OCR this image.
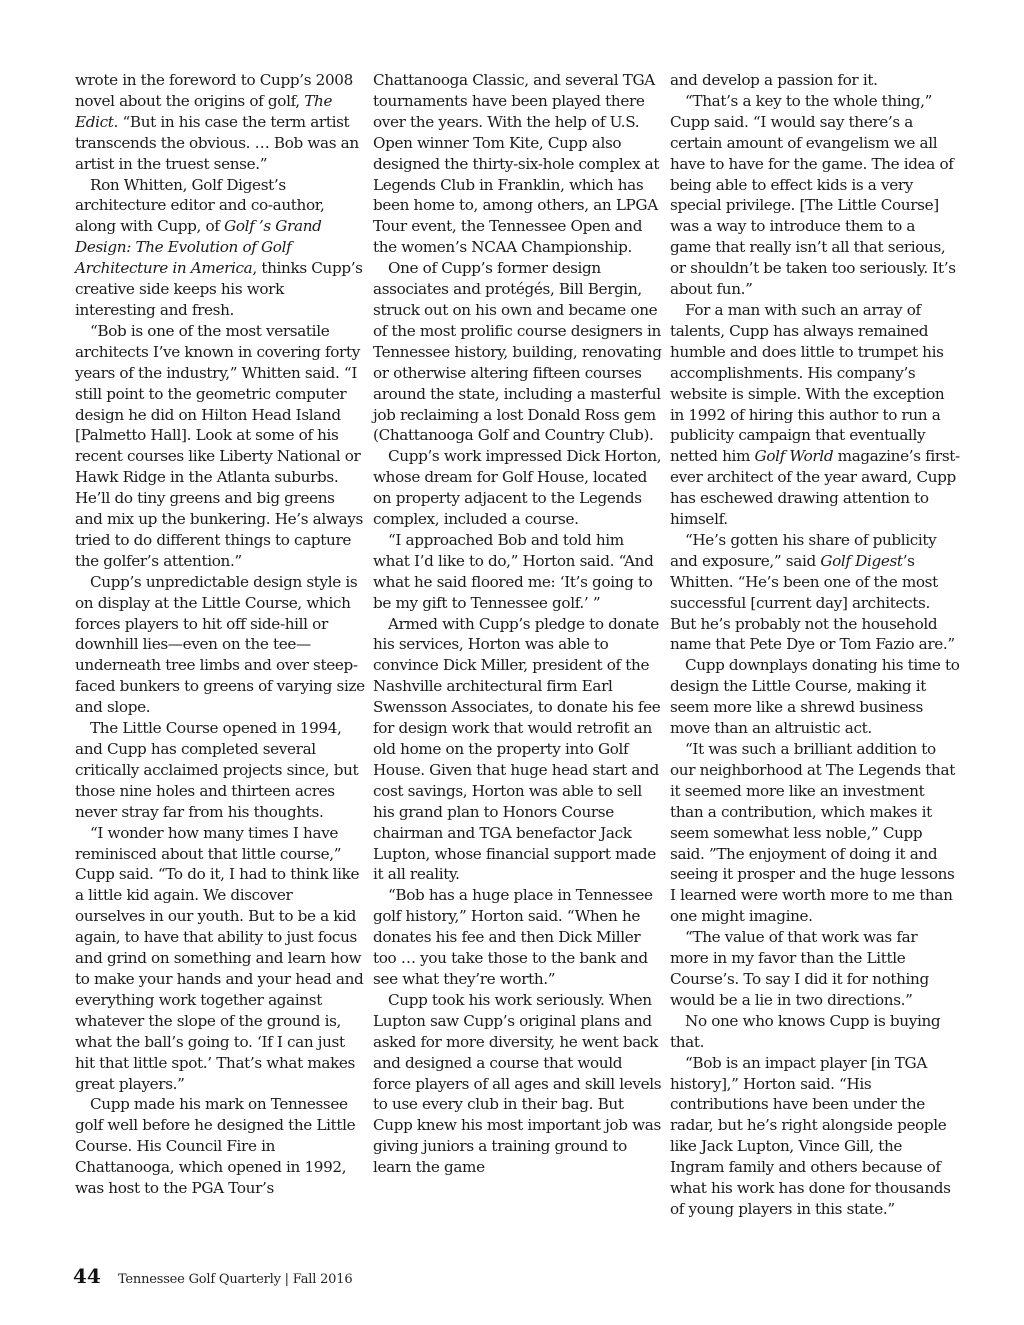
wrote in the foreword to Cupp’s 2008 novel about the origins of golf, The Edict. “But in his case the term artist transcends the obvious. … Bob was an artist in the truest sense.”

Ron Whitten, Golf Digest’s architecture editor and co-author, along with Cupp, of Golf ’s Grand Design: The Evolution of Golf Architecture in America, thinks Cupp’s creative side keeps his work interesting and fresh.

“Bob is one of the most versatile architects I’ve known in covering forty years of the industry,” Whitten said. “I still point to the geometric computer design he did on Hilton Head Island [Palmetto Hall]. Look at some of his recent courses like Liberty National or Hawk Ridge in the Atlanta suburbs. He’ll do tiny greens and big greens and mix up the bunkering. He’s always tried to do different things to capture the golfer’s attention.”

Cupp’s unpredictable design style is on display at the Little Course, which forces players to hit off side-hill or downhill lies—even on the tee—underneath tree limbs and over steep-faced bunkers to greens of varying size and slope.

The Little Course opened in 1994, and Cupp has completed several critically acclaimed projects since, but those nine holes and thirteen acres never stray far from his thoughts.

“I wonder how many times I have reminisced about that little course,” Cupp said. “To do it, I had to think like a little kid again. We discover ourselves in our youth. But to be a kid again, to have that ability to just focus and grind on something and learn how to make your hands and your head and everything work together against whatever the slope of the ground is, what the ball’s going to. ‘If I can just hit that little spot.’ That’s what makes great players.”

Cupp made his mark on Tennessee golf well before he designed the Little Course. His Council Fire in Chattanooga, which opened in 1992, was host to the PGA Tour’s

Chattanooga Classic, and several TGA tournaments have been played there over the years. With the help of U.S. Open winner Tom Kite, Cupp also designed the thirty-six-hole complex at Legends Club in Franklin, which has been home to, among others, an LPGA Tour event, the Tennessee Open and the women’s NCAA Championship.

One of Cupp’s former design associates and protégés, Bill Bergin, struck out on his own and became one of the most prolific course designers in Tennessee history, building, renovating or otherwise altering fifteen courses around the state, including a masterful job reclaiming a lost Donald Ross gem (Chattanooga Golf and Country Club).

Cupp’s work impressed Dick Horton, whose dream for Golf House, located on property adjacent to the Legends complex, included a course.

“I approached Bob and told him what I’d like to do,” Horton said. “And what he said floored me: ‘It’s going to be my gift to Tennessee golf.’ ”

Armed with Cupp’s pledge to donate his services, Horton was able to convince Dick Miller, president of the Nashville architectural firm Earl Swensson Associates, to donate his fee for design work that would retrofit an old home on the property into Golf House. Given that huge head start and cost savings, Horton was able to sell his grand plan to Honors Course chairman and TGA benefactor Jack Lupton, whose financial support made it all reality.

“Bob has a huge place in Tennessee golf history,” Horton said. “When he donates his fee and then Dick Miller too … you take those to the bank and see what they’re worth.”

Cupp took his work seriously. When Lupton saw Cupp’s original plans and asked for more diversity, he went back and designed a course that would force players of all ages and skill levels to use every club in their bag. But Cupp knew his most important job was giving juniors a training ground to learn the game

and develop a passion for it.

“That’s a key to the whole thing,” Cupp said. “I would say there’s a certain amount of evangelism we all have to have for the game. The idea of being able to effect kids is a very special privilege. [The Little Course] was a way to introduce them to a game that really isn’t all that serious, or shouldn’t be taken too seriously. It’s about fun.”

For a man with such an array of talents, Cupp has always remained humble and does little to trumpet his accomplishments. His company’s website is simple. With the exception in 1992 of hiring this author to run a publicity campaign that eventually netted him Golf World magazine’s first-ever architect of the year award, Cupp has eschewed drawing attention to himself.

“He’s gotten his share of publicity and exposure,” said Golf Digest’s Whitten. “He’s been one of the most successful [current day] architects. But he’s probably not the household name that Pete Dye or Tom Fazio are.”

Cupp downplays donating his time to design the Little Course, making it seem more like a shrewd business move than an altruistic act.

“It was such a brilliant addition to our neighborhood at The Legends that it seemed more like an investment than a contribution, which makes it seem somewhat less noble,” Cupp said. ”The enjoyment of doing it and seeing it prosper and the huge lessons I learned were worth more to me than one might imagine.

“The value of that work was far more in my favor than the Little Course’s. To say I did it for nothing would be a lie in two directions.”

No one who knows Cupp is buying that.

“Bob is an impact player [in TGA history],” Horton said. “His contributions have been under the radar, but he’s right alongside people like Jack Lupton, Vince Gill, the Ingram family and others because of what his work has done for thousands of young players in this state.”

44 Tennessee Golf Quarterly | Fall 2016
